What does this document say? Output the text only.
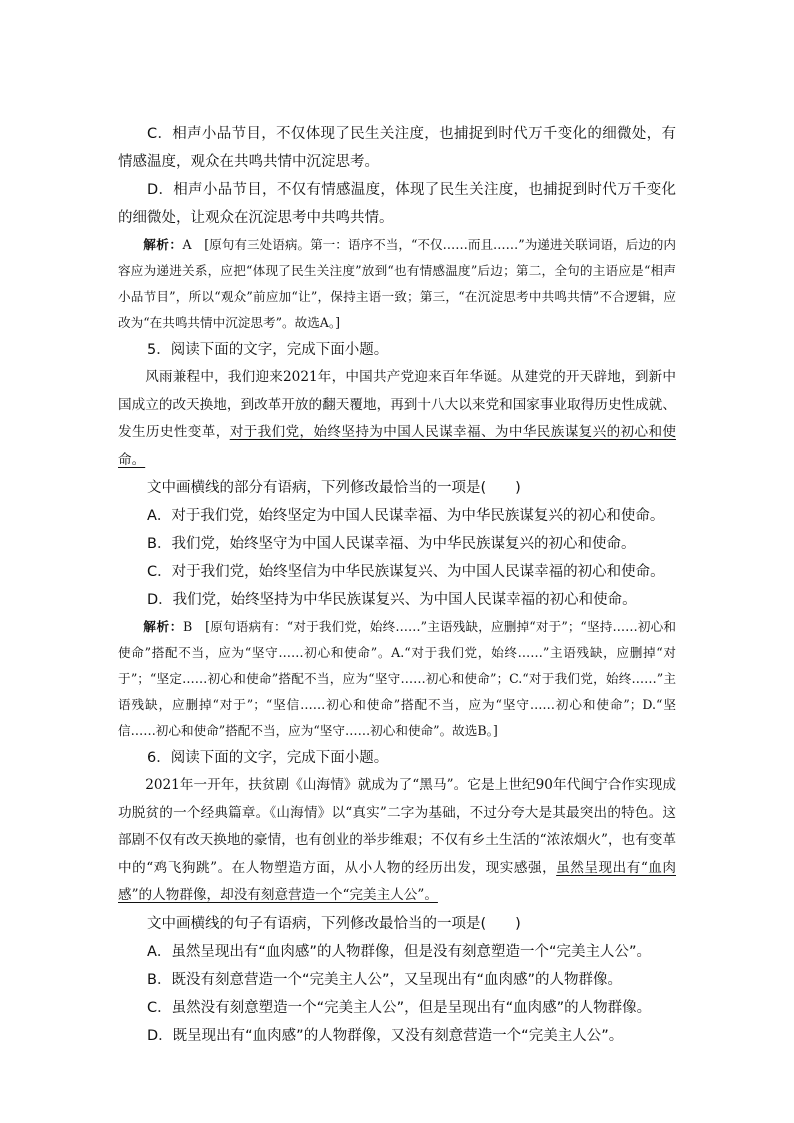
C．相声小品节目，不仅体现了民生关注度，也捕捉到时代万千变化的细微处，有情感温度，观众在共鸣共情中沉淀思考。

D．相声小品节目，不仅有情感温度，体现了民生关注度，也捕捉到时代万千变化的细微处，让观众在沉淀思考中共鸣共情。

解析：A　[原句有三处语病。第一：语序不当，“不仅……而且……”为递进关联词语，后边的内容应为递进关系，应把“体现了民生关注度”放到“也有情感温度”后边；第二，全句的主语应是“相声小品节目”，所以“观众”前应加“让”，保持主语一致；第三，“在沉淀思考中共鸣共情”不合逻辑，应改为“在共鸣共情中沉淀思考”。故选A。]

5．阅读下面的文字，完成下面小题。

风雨兼程中，我们迎来2021年，中国共产党迎来百年华诞。从建党的开天辟地，到新中国成立的改天换地，到改革开放的翻天覆地，再到十八大以来党和国家事业取得历史性成就、发生历史性变革，对于我们党，始终坚持为中国人民谋幸福、为中华民族谋复兴的初心和使命。

文中画横线的部分有语病，下列修改最恰当的一项是(　　)

A．对于我们党，始终坚定为中国人民谋幸福、为中华民族谋复兴的初心和使命。

B．我们党，始终坚守为中国人民谋幸福、为中华民族谋复兴的初心和使命。

C．对于我们党，始终坚信为中华民族谋复兴、为中国人民谋幸福的初心和使命。

D．我们党，始终坚持为中华民族谋复兴、为中国人民谋幸福的初心和使命。

解析：B　[原句语病有：“对于我们党，始终……”主语残缺，应删掉“对于”；“坚持……初心和使命”搭配不当，应为“坚守……初心和使命”。A.“对于我们党，始终……”主语残缺，应删掉“对于”；“坚定……初心和使命”搭配不当，应为“坚守……初心和使命”；C.“对于我们党，始终……”主语残缺，应删掉“对于”；“坚信……初心和使命”搭配不当，应为“坚守……初心和使命”；D.“坚信……初心和使命”搭配不当，应为“坚守……初心和使命”。故选B。]

6．阅读下面的文字，完成下面小题。

2021年一开年，扶贫剧《山海情》就成为了“黑马”。它是上世纪90年代闽宁合作实现成功脱贫的一个经典篇章。《山海情》以“真实”二字为基础，不过分夸大是其最突出的特色。这部剧不仅有改天换地的豪情，也有创业的举步维艰；不仅有乡土生活的“浓浓烟火”，也有变革中的“鸡飞狗跳”。在人物塑造方面，从小人物的经历出发，现实感强，虽然呈现出有“血肉感”的人物群像，却没有刻意营造一个“完美主人公”。

文中画横线的句子有语病，下列修改最恰当的一项是(　　)

A．虽然呈现出有“血肉感”的人物群像，但是没有刻意塑造一个“完美主人公”。

B．既没有刻意营造一个“完美主人公”，又呈现出有“血肉感”的人物群像。

C．虽然没有刻意塑造一个“完美主人公”，但是呈现出有“血肉感”的人物群像。

D．既呈现出有“血肉感”的人物群像，又没有刻意营造一个“完美主人公”。
